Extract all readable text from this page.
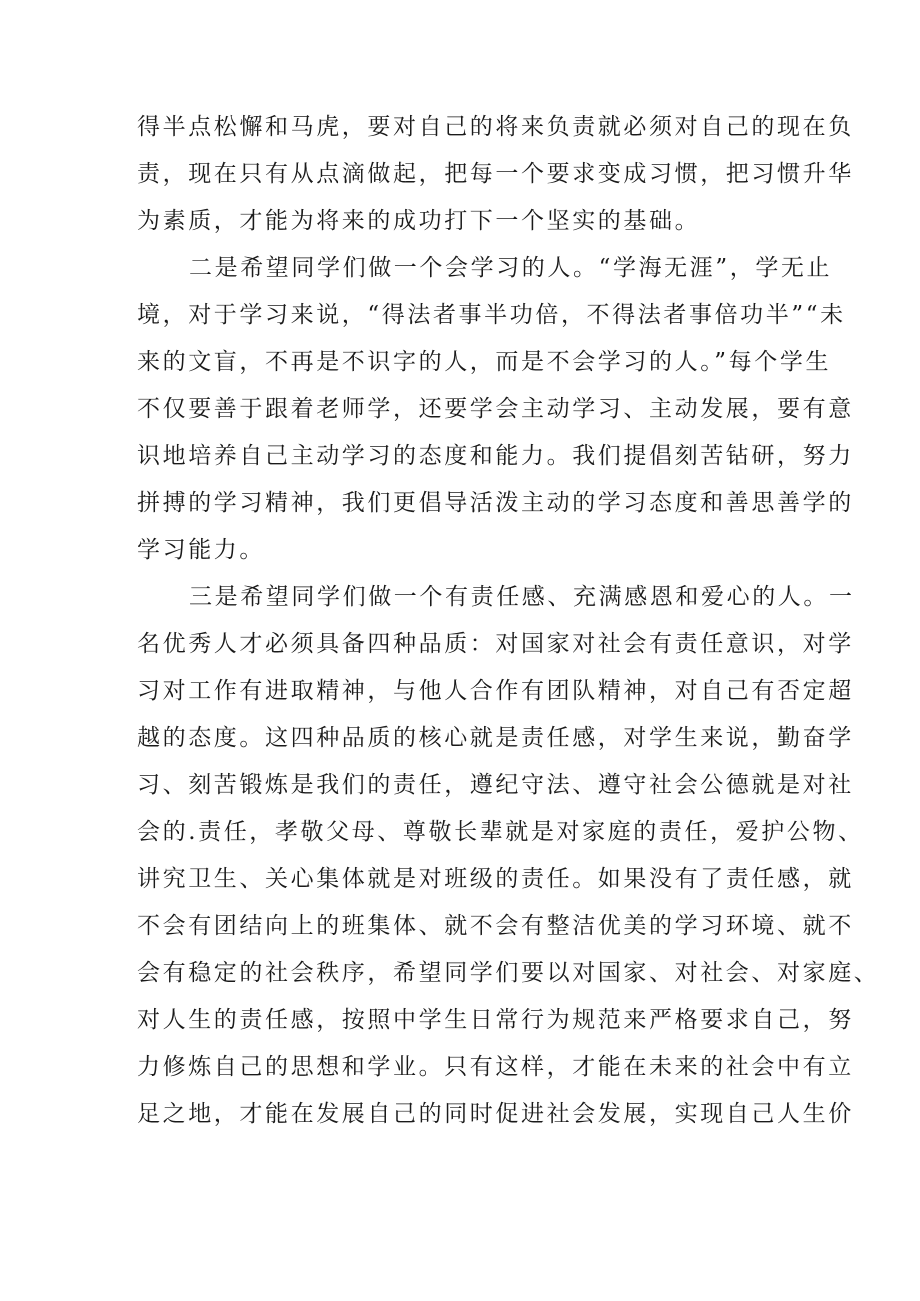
得半点松懈和马虎，要对自己的将来负责就必须对自己的现在负
责，现在只有从点滴做起，把每一个要求变成习惯，把习惯升华
为素质，才能为将来的成功打下一个坚实的基础。
二是希望同学们做一个会学习的人。“学海无涯”，学无止
境，对于学习来说，“得法者事半功倍，不得法者事倍功半”“未
来的文盲，不再是不识字的人，而是不会学习的人。”每个学生
不仅要善于跟着老师学，还要学会主动学习、主动发展，要有意
识地培养自己主动学习的态度和能力。我们提倡刻苦钻研，努力
拼搏的学习精神，我们更倡导活泼主动的学习态度和善思善学的
学习能力。
三是希望同学们做一个有责任感、充满感恩和爱心的人。一
名优秀人才必须具备四种品质：对国家对社会有责任意识，对学
习对工作有进取精神，与他人合作有团队精神，对自己有否定超
越的态度。这四种品质的核心就是责任感，对学生来说，勤奋学
习、刻苦锻炼是我们的责任，遵纪守法、遵守社会公德就是对社
会的.责任，孝敬父母、尊敬长辈就是对家庭的责任，爱护公物、
讲究卫生、关心集体就是对班级的责任。如果没有了责任感，就
不会有团结向上的班集体、就不会有整洁优美的学习环境、就不
会有稳定的社会秩序，希望同学们要以对国家、对社会、对家庭、
对人生的责任感，按照中学生日常行为规范来严格要求自己，努
力修炼自己的思想和学业。只有这样，才能在未来的社会中有立
足之地，才能在发展自己的同时促进社会发展，实现自己人生价
